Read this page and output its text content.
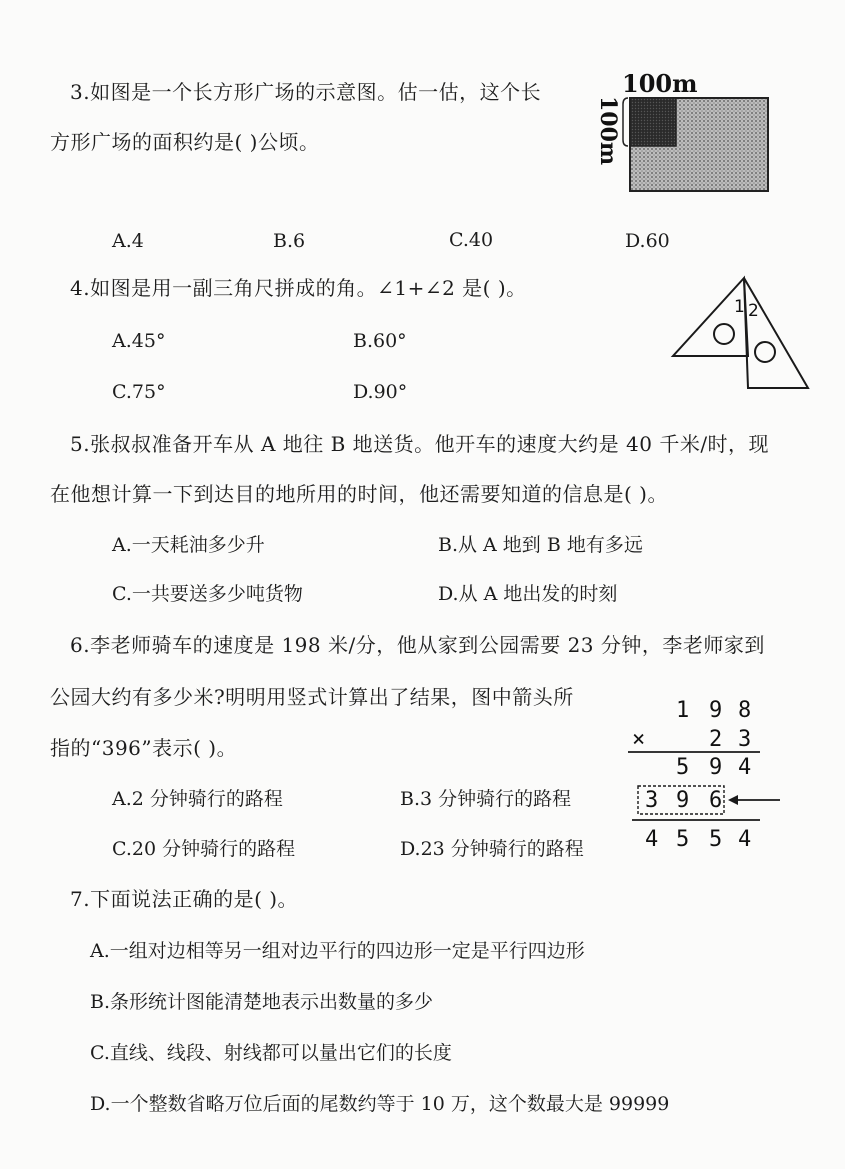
3.如图是一个长方形广场的示意图。估一估，这个长
方形广场的面积约是( )公顷。
100m
100m
A.4	B.6	C.40	D.60
4.如图是用一副三角尺拼成的角。∠1+∠2 是( )。
1 2
A.45°	B.60°
C.75°	D.90°
5.张叔叔准备开车从 A 地往 B 地送货。他开车的速度大约是 40 千米/时，现
在他想计算一下到达目的地所用的时间，他还需要知道的信息是( )。
A.一天耗油多少升	B.从 A 地到 B 地有多远
C.一共要送多少吨货物	D.从 A 地出发的时刻
6.李老师骑车的速度是 198 米/分，他从家到公园需要 23 分钟，李老师家到
公园大约有多少米?明明用竖式计算出了结果，图中箭头所
指的“396”表示( )。
1 9 8
×	2 3
5 9 4
3 9 6
4 5 5 4
A.2 分钟骑行的路程	B.3 分钟骑行的路程
C.20 分钟骑行的路程	D.23 分钟骑行的路程
7.下面说法正确的是( )。
A.一组对边相等另一组对边平行的四边形一定是平行四边形
B.条形统计图能清楚地表示出数量的多少
C.直线、线段、射线都可以量出它们的长度
D.一个整数省略万位后面的尾数约等于 10 万，这个数最大是 99999
